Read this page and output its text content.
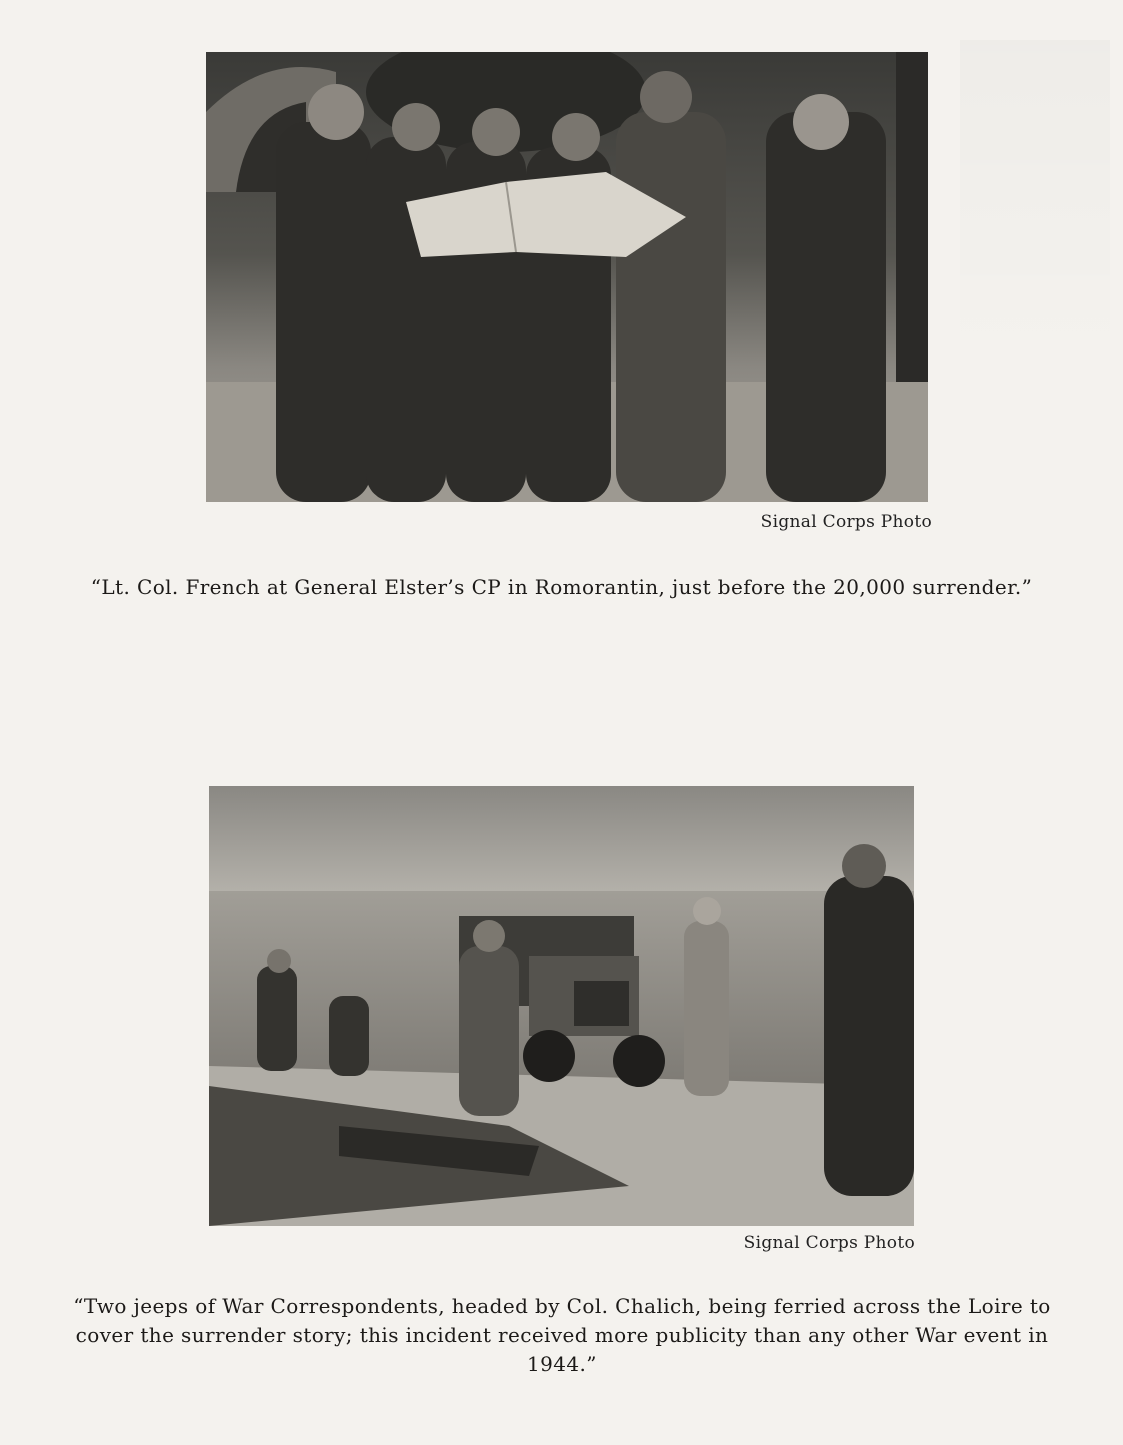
Signal Corps Photo
“Lt. Col. French at General Elster’s CP in Romorantin, just before the 20,000 surrender.”
Signal Corps Photo
“Two jeeps of War Correspondents, headed by Col. Chalich, being ferried across the Loire to cover the surrender story; this incident received more publicity than any other War event in 1944.”
